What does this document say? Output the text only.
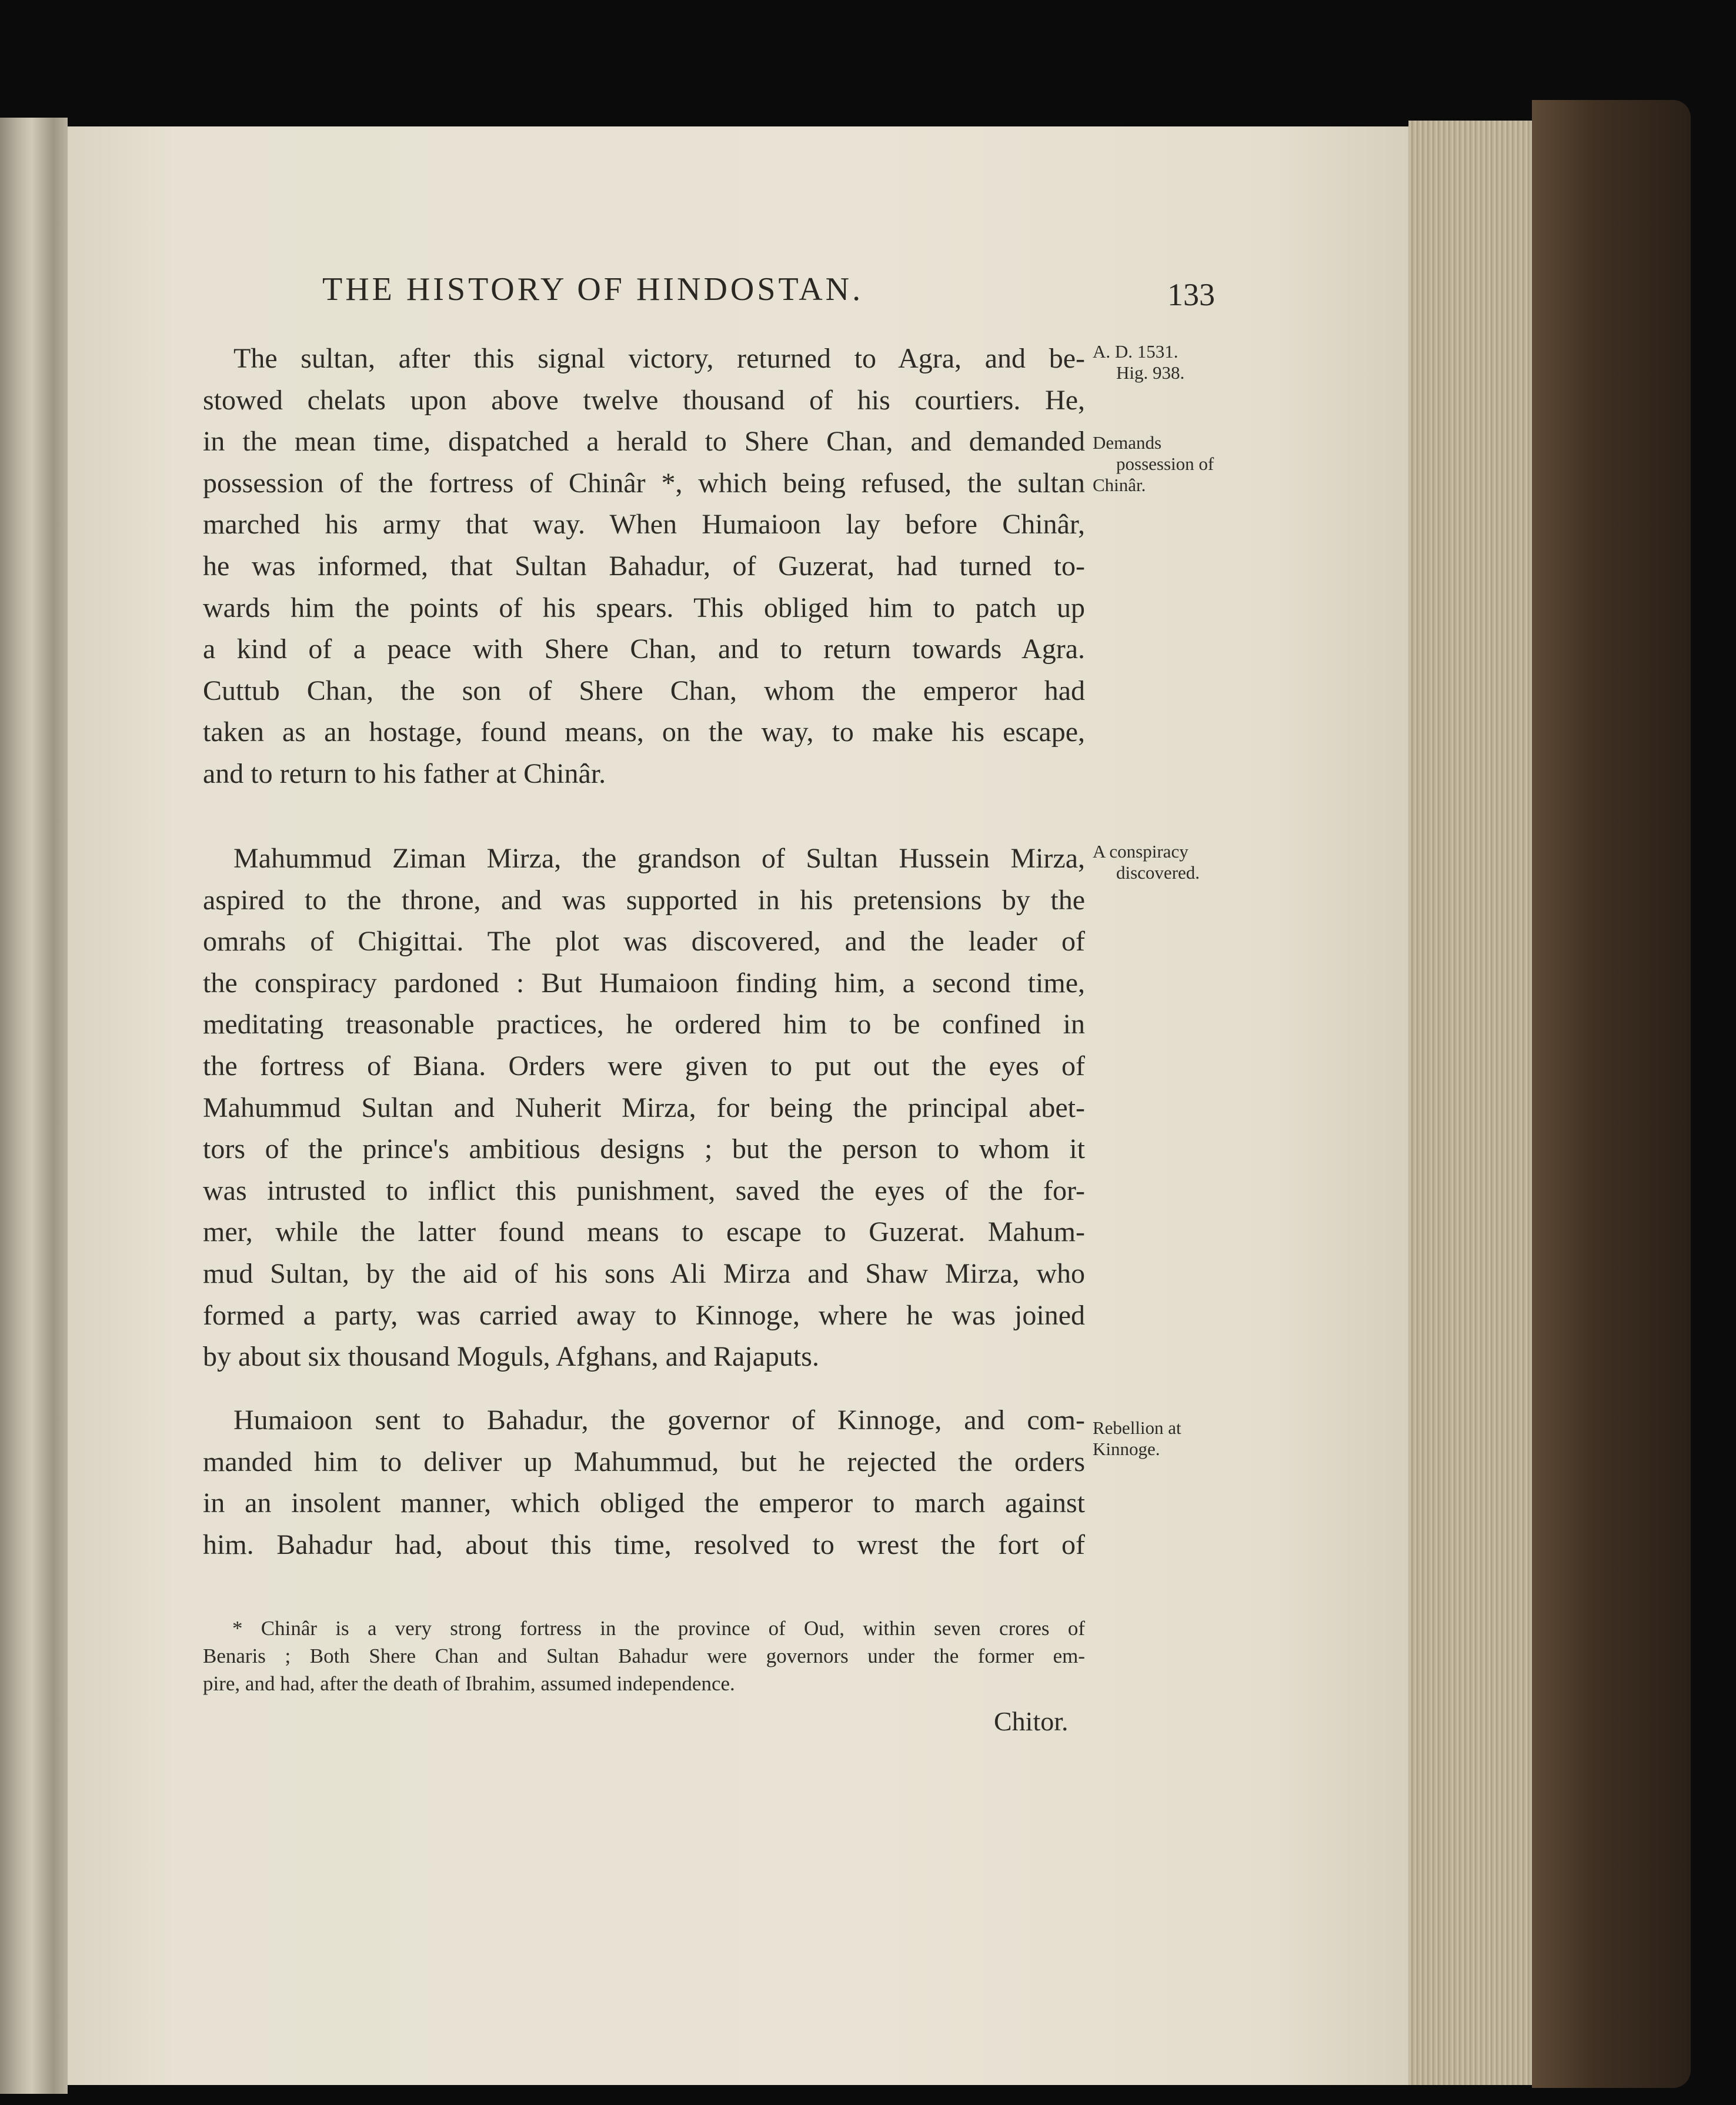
THE HISTORY OF HINDOSTAN.	133
The sultan, after this signal victory, returned to Agra, and be-
stowed chelats upon above twelve thousand of his courtiers. He,
in the mean time, dispatched a herald to Shere Chan, and demanded
possession of the fortress of Chinâr *, which being refused, the sultan
marched his army that way. When Humaioon lay before Chinâr,
he was informed, that Sultan Bahadur, of Guzerat, had turned to-
wards him the points of his spears. This obliged him to patch up
a kind of a peace with Shere Chan, and to return towards Agra.
Cuttub Chan, the son of Shere Chan, whom the emperor had
taken as an hostage, found means, on the way, to make his escape,
and to return to his father at Chinâr.
Mahummud Ziman Mirza, the grandson of Sultan Hussein Mirza,
aspired to the throne, and was supported in his pretensions by the
omrahs of Chigittai. The plot was discovered, and the leader of
the conspiracy pardoned : But Humaioon finding him, a second time,
meditating treasonable practices, he ordered him to be confined in
the fortress of Biana. Orders were given to put out the eyes of
Mahummud Sultan and Nuherit Mirza, for being the principal abet-
tors of the prince's ambitious designs ; but the person to whom it
was intrusted to inflict this punishment, saved the eyes of the for-
mer, while the latter found means to escape to Guzerat. Mahum-
mud Sultan, by the aid of his sons Ali Mirza and Shaw Mirza, who
formed a party, was carried away to Kinnoge, where he was joined
by about six thousand Moguls, Afghans, and Rajaputs.
Humaioon sent to Bahadur, the governor of Kinnoge, and com-
manded him to deliver up Mahummud, but he rejected the orders
in an insolent manner, which obliged the emperor to march against
him. Bahadur had, about this time, resolved to wrest the fort of
A. D. 1531.
Hig. 938.
Demands
possession of
Chinâr.
A conspiracy
discovered.
Rebellion at
Kinnoge.
* Chinâr is a very strong fortress in the province of Oud, within seven crores of
Benaris ; Both Shere Chan and Sultan Bahadur were governors under the former em-
pire, and had, after the death of Ibrahim, assumed independence.
Chitor.
